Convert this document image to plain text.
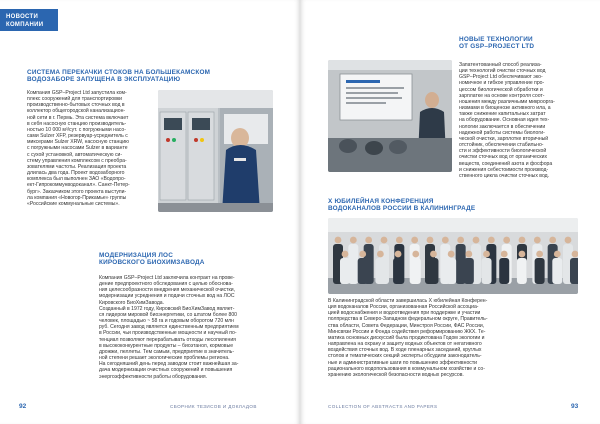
НОВОСТИ
КОМПАНИИ
СИСТЕМА ПЕРЕКАЧКИ СТОКОВ НА БОЛЬШЕКАМСКОМ
ВОДОЗАБОРЕ ЗАПУЩЕНА В ЭКСПЛУАТАЦИЮ

Компания GSP–Project Ltd запустила ком-

плекс сооружений для транспортировки

производственно-бытовых сточных вод в

коллектор общегородской канализацион-

ной сети в г. Пермь. Эта система включает

в себя насосную станцию производитель-

ностью 10 000 м³/сут. с погружными насо-

сами Sulzer XFP, резервуар-усреднитель с

миксерами Sulzer XRW, насосную станцию

с погружными насосами Sulzer в варианте

с сухой установкой, автоматическую си-

стему управления комплексом с преобра-

зователями частоты. Реализация проекта

длилась два года. Проект водозаборного

комплекса был выполнен ЗАО «Водопро-

ект-Гипрокоммунводоканал». Санкт-Петер-

бург». Заказчиком этого проекта выступи-

ла компания «Новогор-Прикамье» группы

«Российские коммунальные системы».

МОДЕРНИЗАЦИЯ ЛОС
КИРОВСКОГО БИОХИМЗАВОДА

Компания GSP–Project Ltd заключила контракт на прове-

дение предпроектного обследования с целью обоснова-

ния целесообразности внедрения механической очистки,

модернизации усреднения и подачи сточных вод на ЛОС

Кировского БиоХимЗавода.

Созданный в 1972 году, Кировский БиоХимЗавод являет-

ся лидером мировой биоэнергетики, со штатом более 800

человек, площадью ~ 58 га и годовым оборотом 720 млн

руб. Сегодня завод является единственным предприятием

в России, чьи производственные мощности и научный по-

тенциал позволяют перерабатывать отходы лесопиления

в высококонкурентные продукты – биоэтанол, кормовые

дрожжи, пеллеты. Тем самым, предприятие в значитель-

ной степени решает экологические проблемы региона.

На сегодняшний день перед заводом стоит важнейшая за-

дача модернизации очистных сооружений и повышения

энергоэффективности работы оборудования.

92	СБОРНИК ТЕЗИСОВ И ДОКЛАДОВ
НОВЫЕ ТЕХНОЛОГИИ
ОТ GSP–PROJECT LTD

Запатентованный способ реализа-

ции технологий очистки сточных вод

GSP–Project Ltd обеспечивают эко-

номичное и гибкое управление про-

цессом биологической обработки и

зарплатке на основе контроля соот-

ношения между различными микроорга-

низмами в биоценозе активного ила, а

также снижение капитальных затрат

на оборудование. Основная идея тех-

нологии заключается в обеспечении

надежной работы системы биологи-

ческой очистки, зарплотке вторичный

отстойник, обеспечении стабильно-

сти и эффективности биологической

очистки сточных вод от органических

веществ, соединений азота и фосфора

и снижения себестоимости производ-

ственного цикла очистки сточных вод.

X ЮБИЛЕЙНАЯ КОНФЕРЕНЦИЯ
ВОДОКАНАЛОВ РОССИИ В КАЛИНИНГРАДЕ

В Калининградской области завершилась X юбилейная Конферен-

ция водоканалов России, организованная Российской ассоциа-

цией водоснабжения и водоотведения при поддержке и участии

полпредства в Северо-Западном федеральном округе, Правитель-

ства области, Совета Федерации, Минстроя России, ФАС России,

Минсвязи России и Фонда содействия реформированию ЖКХ. Те-

матика основных дискуссий была продиктована Годом экологии и

направлена на охрану и защиту водных объектов от негативного

воздействия сточных вод. В ходе пленарных заседаний, круглых

столов и тематических секций эксперты обсудили законодатель-

ные и административные шаги по повышению эффективности

рационального водопользования в коммунальном хозяйстве и со-

хранению экологической безопасности водных ресурсов.

COLLECTION OF ABSTRACTS AND PAPERS	93
